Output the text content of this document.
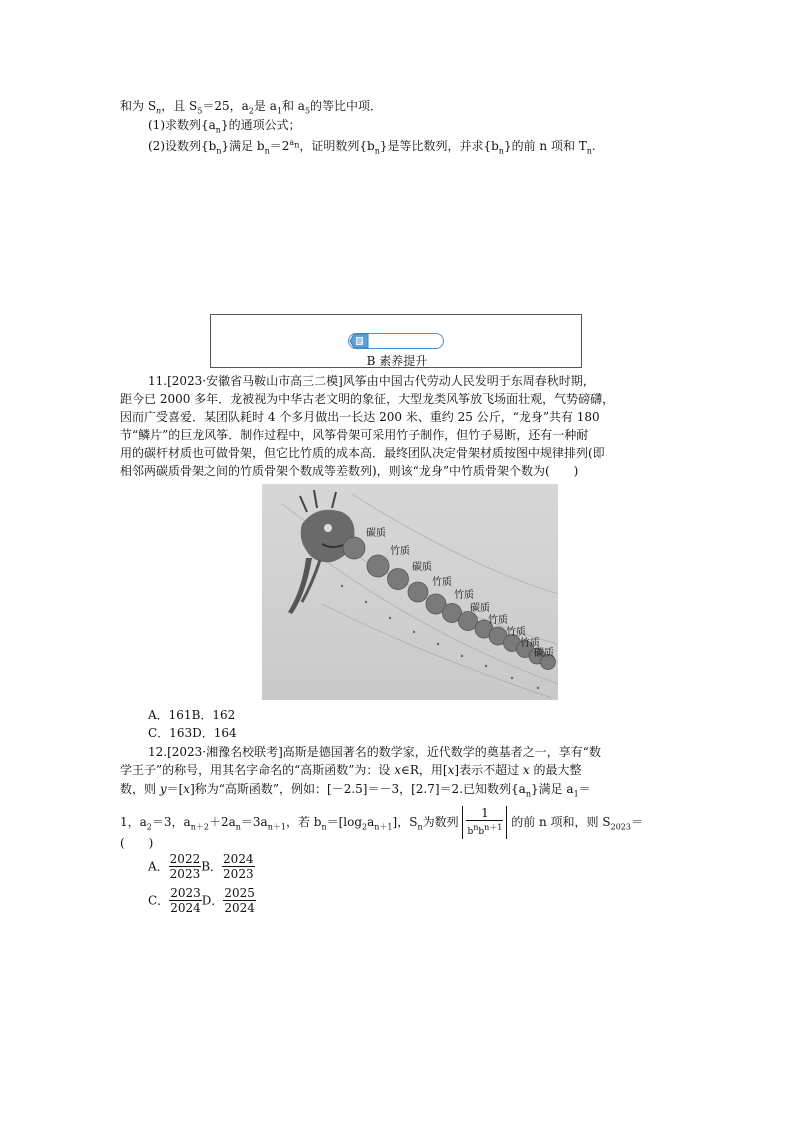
和为 $S_n$，且 $S_5=25$，$a_2$是 $a_1$和 $a_5$的等比中项．
(1)求数列$\{a_n\}$的通项公式；
(2)设数列$\{b_n\}$满足 $b_n=2^{a_n}$，证明数列$\{b_n\}$是等比数列，并求$\{b_n\}$的前 n 项和 $T_n$.
B 素养提升
11.[2023·安徽省马鞍山市高三二模]风筝由中国古代劳动人民发明于东周春秋时期，
距今已 2000 多年．龙被视为中华古老文明的象征，大型龙类风筝放飞场面壮观，气势磅礴，
因而广受喜爱．某团队耗时 4 个多月做出一长达 200 米、重约 25 公斤，“龙身”共有 180
节“鳞片”的巨龙风筝．制作过程中，风筝骨架可采用竹子制作，但竹子易断，还有一种耐
用的碳杆材质也可做骨架，但它比竹质的成本高．最终团队决定骨架材质按图中规律排列(即
相邻两碳质骨架之间的竹质骨架个数成等差数列)，则该“龙身”中竹质骨架个数为(　　)
碳质
竹质
碳质
竹质
竹质
碳质
竹质
竹质
竹质
碳质
A．161B．162
C．163D．164
12.[2023·湘豫名校联考]高斯是德国著名的数学家，近代数学的奠基者之一，享有“数
学王子”的称号，用其名字命名的“高斯函数”为：设 x∈R，用[x]表示不超过 x 的最大整
数，则 y＝[x]称为“高斯函数”，例如：[－2.5]＝－3，[2.7]＝2.已知数列$\{a_n\}$满足 $a_1=$
1，$a_2=3$，$a_{n+2}+2a_n=3a_{n+1}$，若 $b_n=[\log_2a_{n+1}]$，$S_n$为数列 $\frac{1}{b^nb^{n+1}}$ 的前 n 项和，则 $S_{2023}=$
(　　)
A． $\frac{2022}{2023}$ B． $\frac{2024}{2023}$
C． $\frac{2023}{2024}$ D． $\frac{2025}{2024}$
